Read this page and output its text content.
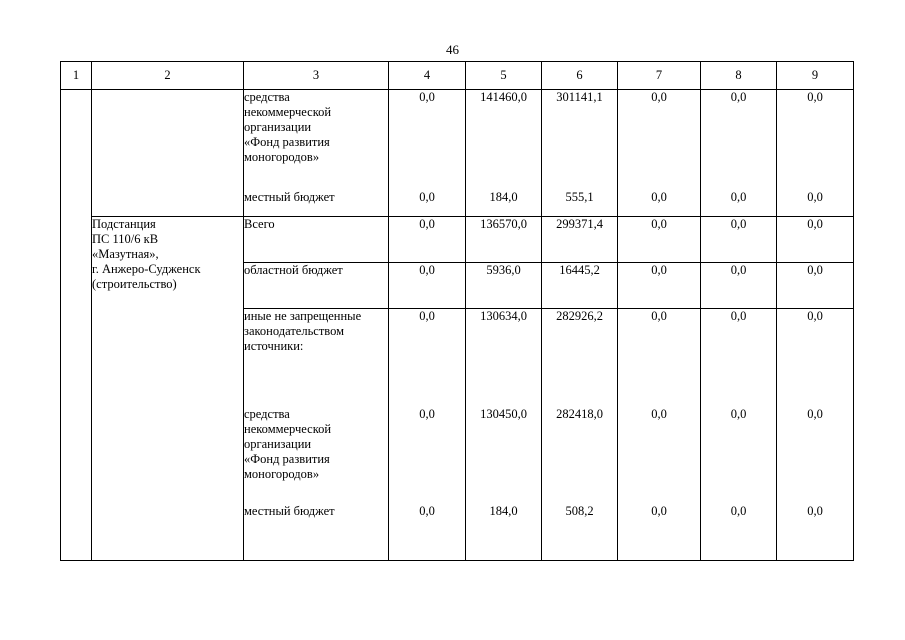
46
1	2	3	4	5	6	7	8	9

		средства
некоммерческой
организации
«Фонд развития
моногородов»	0,0	141460,0	301141,1	0,0	0,0	0,0

		местный бюджет	0,0	184,0	555,1	0,0	0,0	0,0

	Подстанция
ПС 110/6 кВ
«Мазутная»,
г. Анжеро-Судженск
(строительство)	Всего	0,0	136570,0	299371,4	0,0	0,0	0,0

		областной бюджет	0,0	5936,0	16445,2	0,0	0,0	0,0

		иные не запрещенные
законодательством
источники:	0,0	130634,0	282926,2	0,0	0,0	0,0

		средства
некоммерческой
организации
«Фонд развития
моногородов»	0,0	130450,0	282418,0	0,0	0,0	0,0

		местный бюджет	0,0	184,0	508,2	0,0	0,0	0,0
